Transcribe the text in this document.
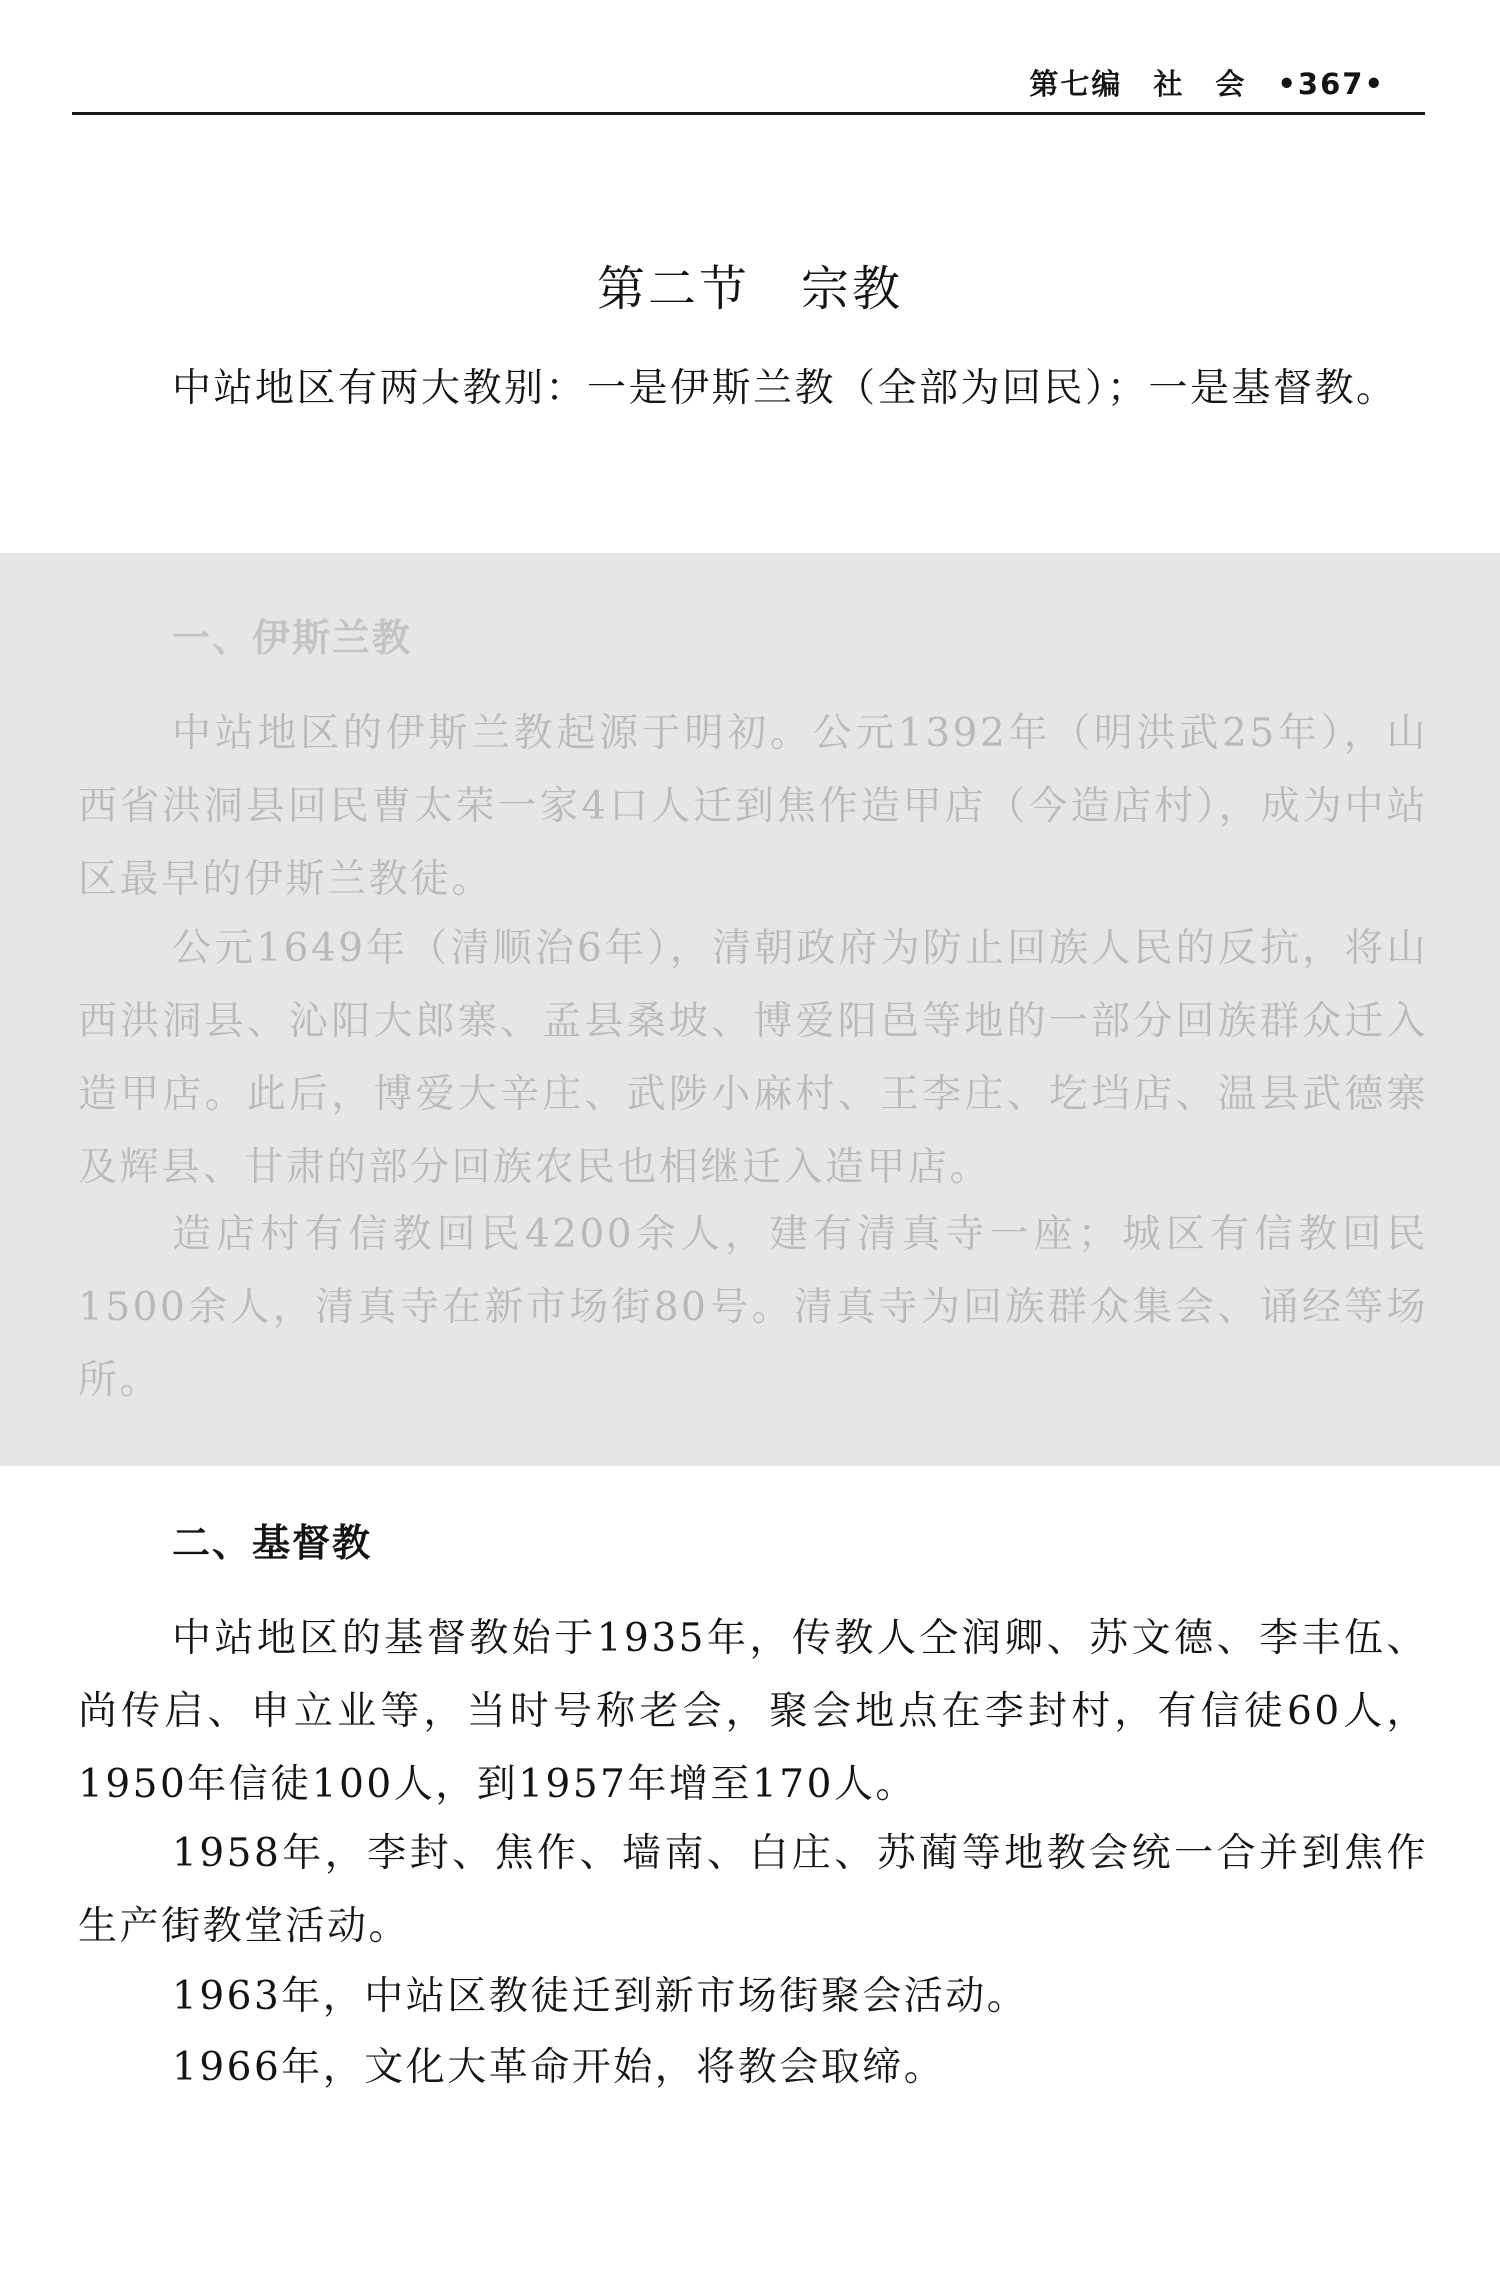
第七编　社　会　•367•
第二节　宗教

中站地区有两大教别：一是伊斯兰教（全部为回民）；一是基督教。

一、伊斯兰教

中站地区的伊斯兰教起源于明初。公元1392年（明洪武25年），山西省洪洞县回民曹太荣一家4口人迁到焦作造甲店（今造店村），成为中站区最早的伊斯兰教徒。

公元1649年（清顺治6年），清朝政府为防止回族人民的反抗，将山西洪洞县、沁阳大郎寨、孟县桑坡、博爱阳邑等地的一部分回族群众迁入造甲店。此后，博爱大辛庄、武陟小麻村、王李庄、圪垱店、温县武德寨及辉县、甘肃的部分回族农民也相继迁入造甲店。

造店村有信教回民4200余人，建有清真寺一座；城区有信教回民1500余人，清真寺在新市场街80号。清真寺为回族群众集会、诵经等场所。

二、基督教

中站地区的基督教始于1935年，传教人仝润卿、苏文德、李丰伍、尚传启、申立业等，当时号称老会，聚会地点在李封村，有信徒60人，1950年信徒100人，到1957年增至170人。

1958年，李封、焦作、墙南、白庄、苏蔺等地教会统一合并到焦作生产街教堂活动。

1963年，中站区教徒迁到新市场街聚会活动。

1966年，文化大革命开始，将教会取缔。
